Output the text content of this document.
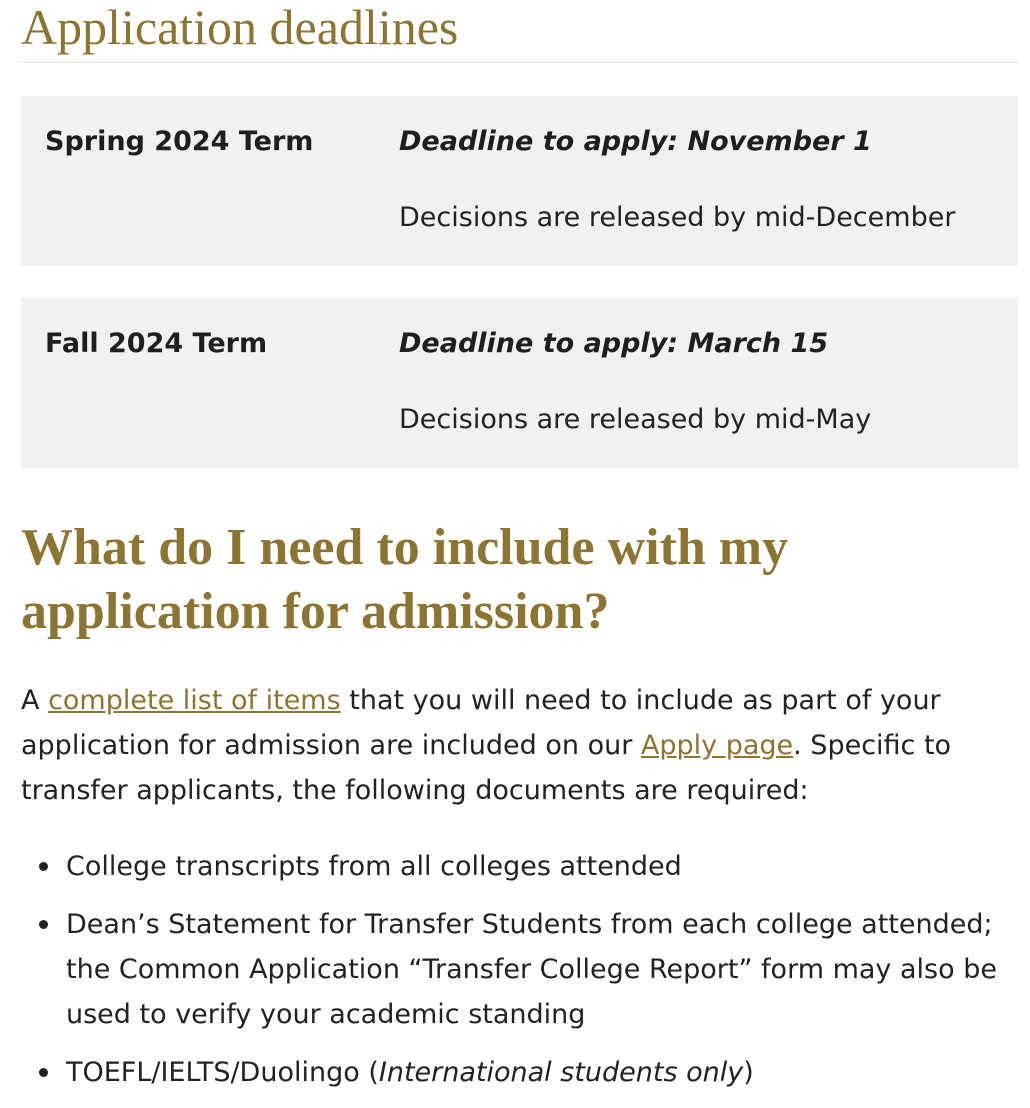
Application deadlines
Spring 2024 Term	Deadline to apply: November 1
Decisions are released by mid-December
Fall 2024 Term	Deadline to apply: March 15
Decisions are released by mid-May
What do I need to include with my application for admission?

A complete list of items that you will need to include as part of your application for admission are included on our Apply page. Specific to transfer applicants, the following documents are required:

College transcripts from all colleges attended
Dean’s Statement for Transfer Students from each college attended; the Common Application “Transfer College Report” form may also be used to verify your academic standing
TOEFL/IELTS/Duolingo (International students only)
